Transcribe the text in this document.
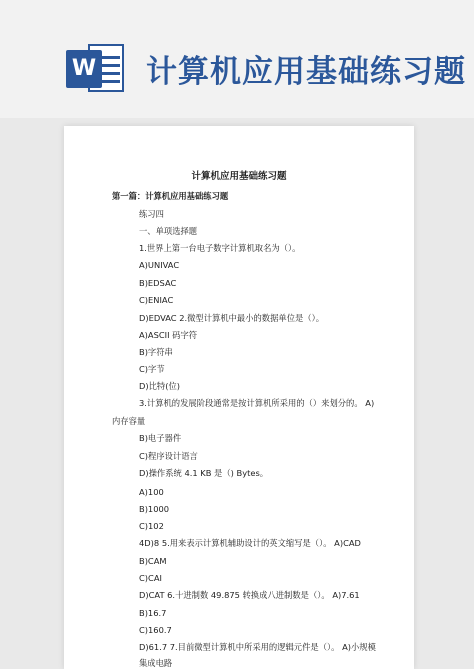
W 计算机应用基础练习题
计算机应用基础练习题
第一篇：计算机应用基础练习题
练习四
一、单项选择题
1.世界上第一台电子数字计算机取名为（）。
A)UNIVAC
B)EDSAC
C)ENIAC
D)EDVAC 2.微型计算机中最小的数据单位是（）。
A)ASCII 码字符
B)字符串
C)字节
D)比特(位)
3.计算机的发展阶段通常是按计算机所采用的（）来划分的。 A)
内存容量
B)电子器件
C)程序设计语言
D)操作系统 4.1 KB 是（) Bytes。
A)100
B)1000
C)102
4D)8 5.用来表示计算机辅助设计的英文缩写是（）。 A)CAD
B)CAM
C)CAI
D)CAT 6.十进制数 49.875 转换成八进制数是（）。 A)7.61
B)16.7
C)160.7
D)61.7 7.目前微型计算机中所采用的逻辑元件是（）。 A)小规模
集成电路
